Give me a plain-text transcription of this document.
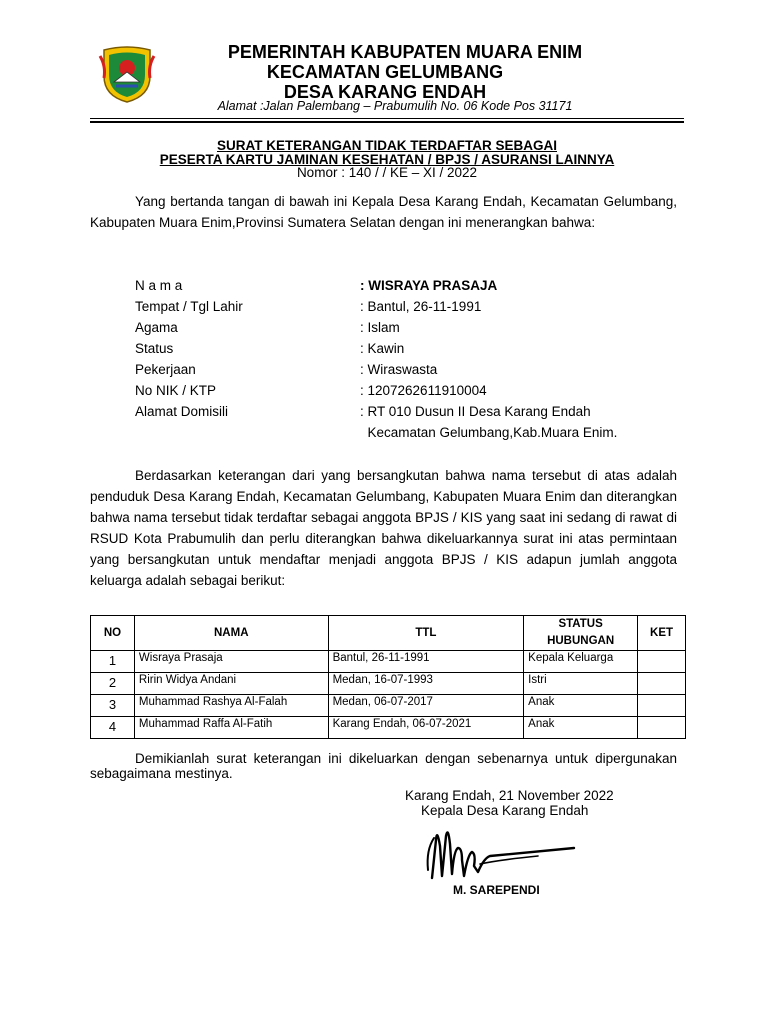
PEMERINTAH KABUPATEN MUARA ENIM
KECAMATAN GELUMBANG
DESA KARANG ENDAH
Alamat :Jalan Palembang – Prabumulih No. 06 Kode Pos 31171
SURAT KETERANGAN TIDAK TERDAFTAR SEBAGAI
PESERTA KARTU JAMINAN KESEHATAN / BPJS / ASURANSI LAINNYA
Nomor : 140 / / KE – XI / 2022
Yang bertanda tangan di bawah ini Kepala Desa Karang Endah, Kecamatan Gelumbang, Kabupaten Muara Enim,Provinsi Sumatera Selatan dengan ini menerangkan bahwa:
N a m a	: WISRAYA PRASAJA
Tempat / Tgl Lahir	: Bantul, 26-11-1991
Agama	: Islam
Status	: Kawin
Pekerjaan	: Wiraswasta
No NIK / KTP	: 1207262611910004
Alamat Domisili	: RT 010 Dusun II Desa Karang Endah
Kecamatan Gelumbang,Kab.Muara Enim.
Berdasarkan keterangan dari yang bersangkutan bahwa nama tersebut di atas adalah penduduk Desa Karang Endah, Kecamatan Gelumbang, Kabupaten Muara Enim dan diterangkan bahwa nama tersebut tidak terdaftar sebagai anggota BPJS / KIS yang saat ini sedang di rawat di RSUD Kota Prabumulih dan perlu diterangkan bahwa dikeluarkannya surat ini atas permintaan yang bersangkutan untuk mendaftar menjadi anggota BPJS / KIS adapun jumlah anggota keluarga adalah sebagai berikut:
NO	NAMA	TTL	STATUS HUBUNGAN	KET
1	Wisraya Prasaja	Bantul, 26-11-1991	Kepala Keluarga	
2	Ririn Widya Andani	Medan, 16-07-1993	Istri	
3	Muhammad Rashya Al-Falah	Medan, 06-07-2017	Anak	
4	Muhammad Raffa Al-Fatih	Karang Endah, 06-07-2021	Anak	
Demikianlah surat keterangan ini dikeluarkan dengan sebenarnya untuk dipergunakan sebagaimana mestinya.
Karang Endah, 21 November 2022
Kepala Desa Karang Endah
M. SAREPENDI
